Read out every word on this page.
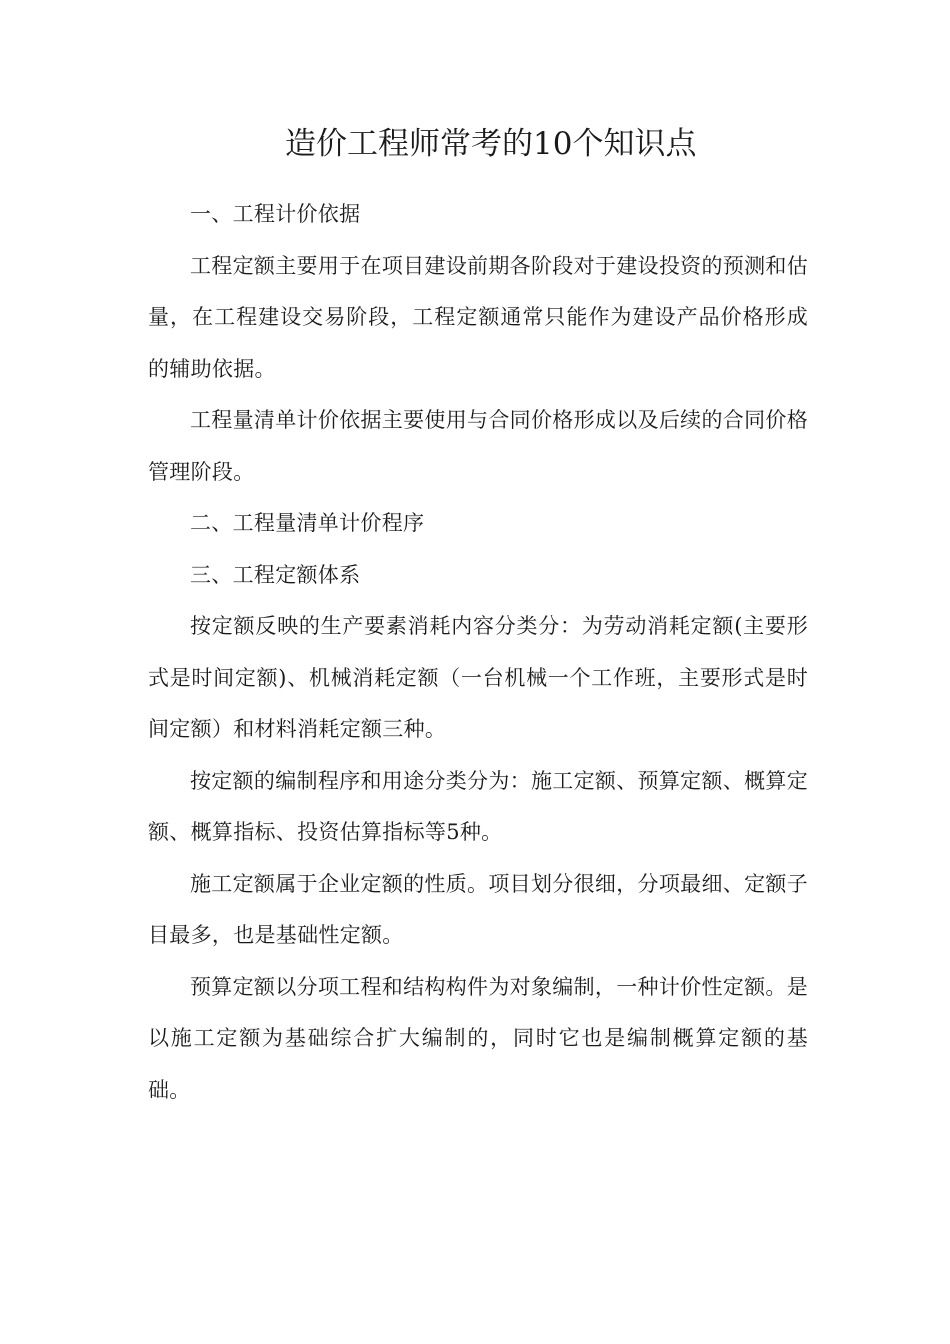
造价工程师常考的10个知识点

一、工程计价依据

工程定额主要用于在项目建设前期各阶段对于建设投资的预测和估量，在工程建设交易阶段，工程定额通常只能作为建设产品价格形成的辅助依据。

工程量清单计价依据主要使用与合同价格形成以及后续的合同价格管理阶段。

二、工程量清单计价程序

三、工程定额体系

按定额反映的生产要素消耗内容分类分：为劳动消耗定额(主要形式是时间定额)、机械消耗定额（一台机械一个工作班，主要形式是时间定额）和材料消耗定额三种。

按定额的编制程序和用途分类分为：施工定额、预算定额、概算定额、概算指标、投资估算指标等5种。

施工定额属于企业定额的性质。项目划分很细，分项最细、定额子目最多，也是基础性定额。

预算定额以分项工程和结构构件为对象编制，一种计价性定额。是以施工定额为基础综合扩大编制的，同时它也是编制概算定额的基础。
